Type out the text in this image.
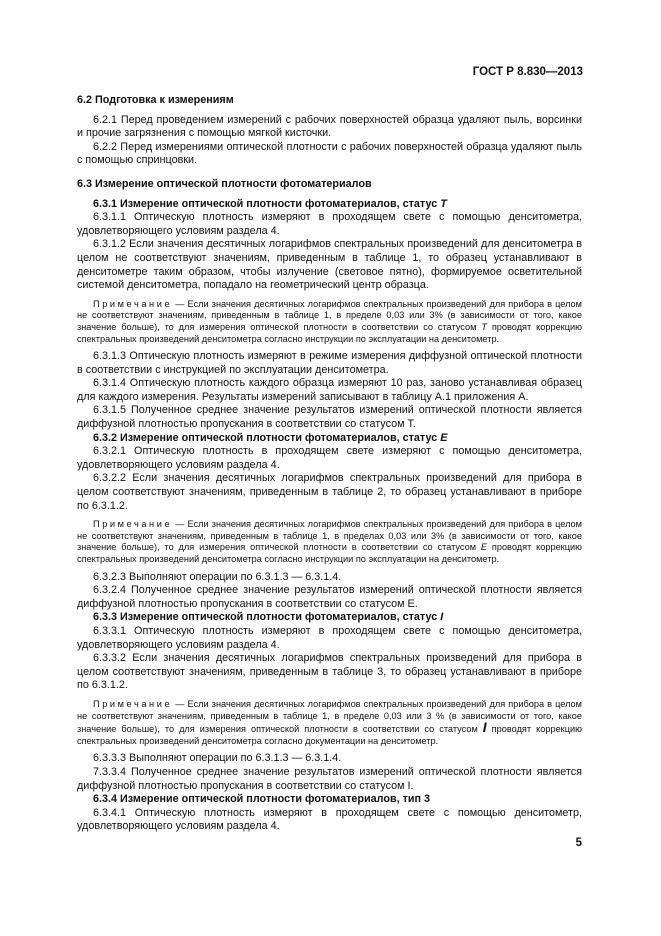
ГОСТ Р 8.830—2013

6.2 Подготовка к измерениям

6.2.1 Перед проведением измерений с рабочих поверхностей образца удаляют пыль, ворсинки и прочие загрязнения с помощью мягкой кисточки.

6.2.2 Перед измерениями оптической плотности с рабочих поверхностей образца удаляют пыль с помощью спринцовки.

6.3 Измерение оптической плотности фотоматериалов

6.3.1 Измерение оптической плотности фотоматериалов, статус T

6.3.1.1 Оптическую плотность измеряют в проходящем свете с помощью денситометра, удовлетворяющего условиям раздела 4.

6.3.1.2 Если значения десятичных логарифмов спектральных произведений для денситометра в целом не соответствуют значениям, приведенным в таблице 1, то образец устанавливают в денситометре таким образом, чтобы излучение (световое пятно), формируемое осветительной системой денситометра, попадало на геометрический центр образца.

Примечание — Если значения десятичных логарифмов спектральных произведений для прибора в целом не соответствуют значениям, приведенным в таблице 1, в пределе 0,03 или 3% (в зависимости от того, какое значение больше), то для измерения оптической плотности в соответствии со статусом T проводят коррекцию спектральных произведений денситометра согласно инструкции по эксплуатации на денситометр.

6.3.1.3 Оптическую плотность измеряют в режиме измерения диффузной оптической плотности в соответствии с инструкцией по эксплуатации денситометра.

6.3.1.4 Оптическую плотность каждого образца измеряют 10 раз, заново устанавливая образец для каждого измерения. Результаты измерений записывают в таблицу А.1 приложения А.

6.3.1.5 Полученное среднее значение результатов измерений оптической плотности является диффузной плотностью пропускания в соответствии со статусом Т.

6.3.2 Измерение оптической плотности фотоматериалов, статус E

6.3.2.1 Оптическую плотность в проходящем свете измеряют с помощью денситометра, удовлетворяющего условиям раздела 4.

6.3.2.2 Если значения десятичных логарифмов спектральных произведений для прибора в целом соответствуют значениям, приведенным в таблице 2, то образец устанавливают в приборе по 6.3.1.2.

Примечание — Если значения десятичных логарифмов спектральных произведений для прибора в целом не соответствуют значениям, приведенным в таблице 1, в пределах 0,03 или 3% (в зависимости от того, какое значение больше), то для измерения оптической плотности в соответствии со статусом E проводят коррекцию спектральных произведений денситометра согласно инструкции по эксплуатации на денситометр.

6.3.2.3 Выполняют операции по 6.3.1.3 — 6.3.1.4.

6.3.2.4 Полученное среднее значение результатов измерений оптической плотности является диффузной плотностью пропускания в соответствии со статусом Е.

6.3.3 Измерение оптической плотности фотоматериалов, статус I

6.3.3.1 Оптическую плотность измеряют в проходящем свете с помощью денситометра, удовлетворяющего условиям раздела 4.

6.3.3.2 Если значения десятичных логарифмов спектральных произведений для прибора в целом соответствуют значениям, приведенным в таблице 3, то образец устанавливают в приборе по 6.3.1.2.

Примечание — Если значения десятичных логарифмов спектральных произведений для прибора в целом не соответствуют значениям, приведенным в таблице 1, в пределе 0,03 или 3 % (в зависимости от того, какое значение больше), то для измерения оптической плотности в соответствии со статусом I проводят коррекцию спектральных произведений денситометра согласно документации на денситометр.

6.3.3.3 Выполняют операции по 6.3.1.3 — 6.3.1.4.

7.3.3.4 Полученное среднее значение результатов измерений оптической плотности является диффузной плотностью пропускания в соответствии со статусом I.

6.3.4 Измерение оптической плотности фотоматериалов, тип 3

6.3.4.1 Оптическую плотность измеряют в проходящем свете с помощью денситометр, удовлетворяющего условиям раздела 4.

5
